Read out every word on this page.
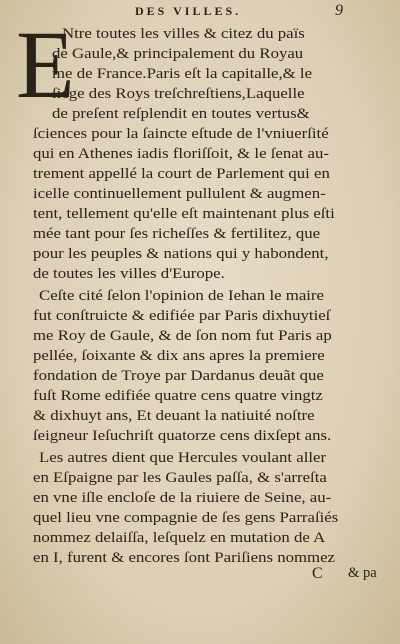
DES VILLES.	9
E
Ntre toutes les villes & citez du païs
de Gaule,& principalement du Royau
me de France.Paris eſt la capitalle,& le
ſiege des Roys treſchreſtiens,Laquelle
de preſent reſplendit en toutes vertus&
ſciences pour la ſaincte eſtude de l'vniuerſité
qui en Athenes iadis floriſſoit, & le ſenat au-
trement appellé la court de Parlement qui en
icelle continuellement pullulent & augmen-
tent, tellement qu'elle eſt maintenant plus eſti
mée tant pour ſes richeſſes & fertilitez, que
pour les peuples & nations qui y habondent,
de toutes les villes d'Europe.
Ceſte cité ſelon l'opinion de Iehan le maire
fut conſtruicte & edifiée par Paris dixhuytieſ
me Roy de Gaule, & de ſon nom fut Paris ap
pellée, ſoixante & dix ans apres la premiere
fondation de Troye par Dardanus deuãt que
fuſt Rome edifiée quatre cens quatre vingtz
& dixhuyt ans, Et deuant la natiuité noſtre
ſeigneur Ieſuchriſt quatorze cens dixſept ans.
Les autres dient que Hercules voulant aller
en Eſpaigne par les Gaules paſſa, & s'arreſta
en vne iſle encloſe de la riuiere de Seine, au-
quel lieu vne compagnie de ſes gens Parraſiés
nommez delaiſſa, leſquelz en mutation de A
en I, furent & encores ſont Pariſiens nommez
C & pa
